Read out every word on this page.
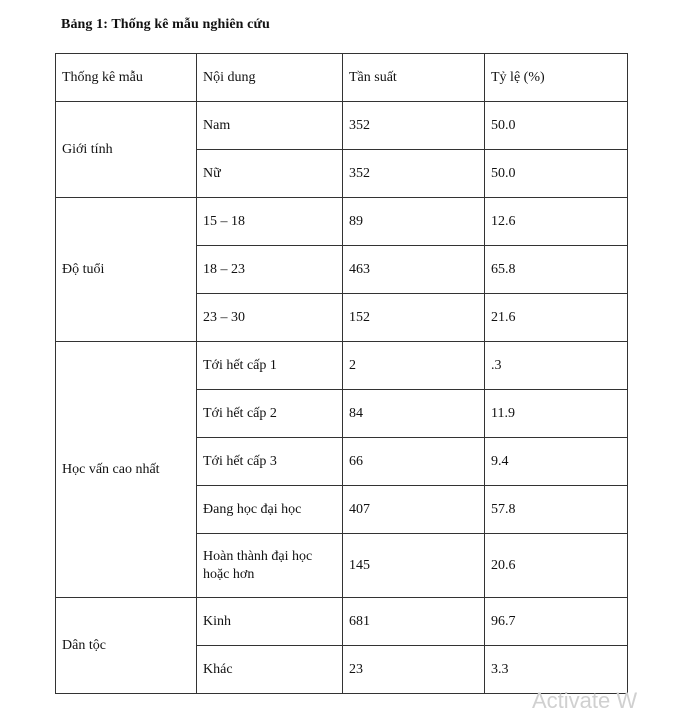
Bảng 1: Thống kê mẫu nghiên cứu
Thống kê mẫu	Nội dung	Tần suất	Tỷ lệ (%)
Giới tính	Nam	352	50.0
	Nữ	352	50.0
Độ tuổi	15 – 18	89	12.6
	18 – 23	463	65.8
	23 – 30	152	21.6
Học vấn cao nhất	Tới hết cấp 1	2	.3
	Tới hết cấp 2	84	11.9
	Tới hết cấp 3	66	9.4
	Đang học đại học	407	57.8
	Hoàn thành đại học hoặc hơn	145	20.6
Dân tộc	Kinh	681	96.7
	Khác	23	3.3
Activate W
